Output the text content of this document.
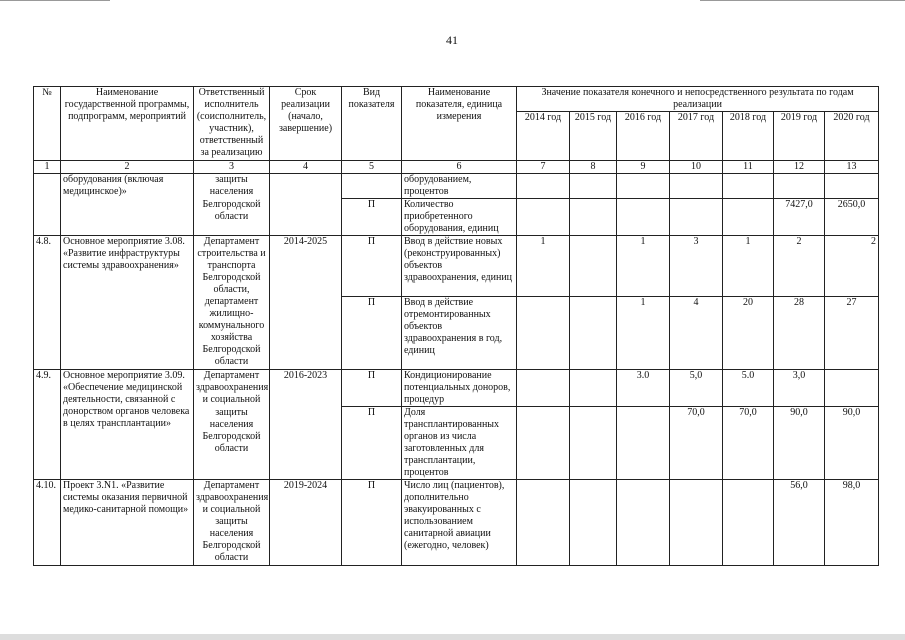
41
№	Наименование государственной программы, подпрограмм, мероприятий	Ответственный исполнитель (соисполнитель, участник), ответственный за реализацию	Срок реализации (начало, завершение)	Вид показателя	Наименование показателя, единица измерения	Значение показателя конечного и непосредственного результата по годам реализации						
						2014 год	2015 год	2016 год	2017 год	2018 год	2019 год	2020 год
1	2	3	4	5	6	7	8	9	10	11	12	13
	оборудования (включая медицинское)»	защиты населения			оборудованием, процентов							
		Белгородской области		П	Количество приобретенного оборудования, единиц						7427,0	2650,0
4.8.	Основное мероприятие 3.08. «Развитие инфраструктуры системы здравоохранения»	Департамент строительства и транспорта Белгородской области,	2014-2025	П	Ввод в действие новых (реконструированных) объектов здравоохранения, единиц	1		1	3	1	2	2
		департамент жилищно-коммунального хозяйства Белгородской области		П	Ввод в действие отремонтированных объектов здравоохранения в год, единиц			1	4	20	28	27
4.9.	Основное мероприятие 3.09. «Обеспечение медицинской деятельности, связанной с донорством органов человека в целях трансплантации»	Департамент здравоохранения и социальной	2016-2023	П	Кондиционирование потенциальных доноров, процедур			3.0	5,0	5.0	3,0	
		защиты населения Белгородской области		П	Доля трансплантированных органов из числа заготовленных для трансплантации, процентов				70,0	70,0	90,0	90,0
4.10.	Проект 3.N1. «Развитие системы оказания первичной медико-санитарной помощи»	Департамент здравоохранения и социальной защиты населения Белгородской области	2019-2024	П	Число лиц (пациентов), дополнительно эвакуированных с использованием санитарной авиации (ежегодно, человек)						56,0	98,0
